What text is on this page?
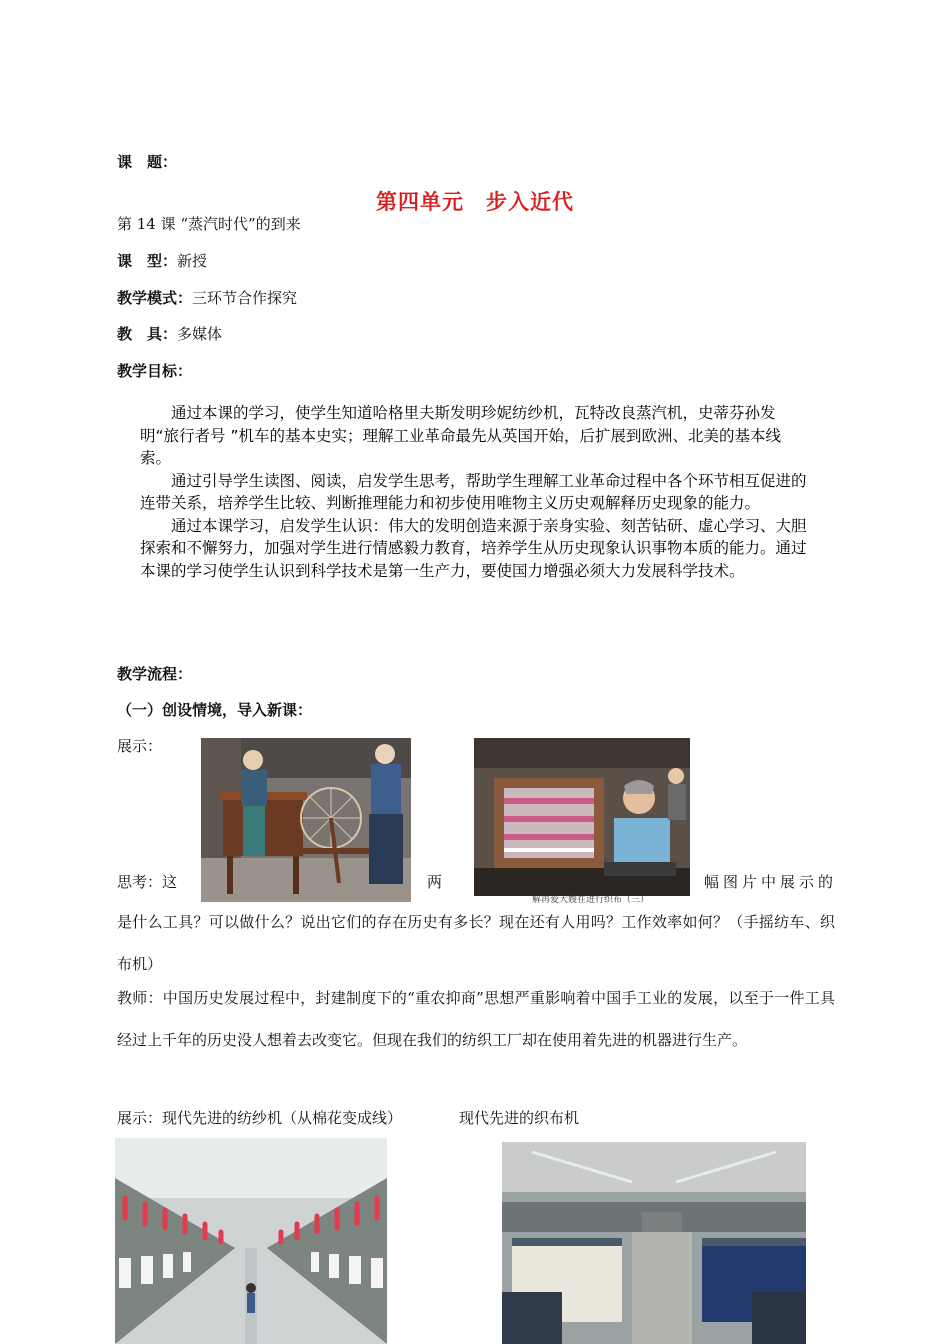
课　题：
第四单元　步入近代
第 14 课 “蒸汽时代”的到来
课　型：新授
教学模式：三环节合作探究
教　具：多媒体
教学目标：

通过本课的学习，使学生知道哈格里夫斯发明珍妮纺纱机，瓦特改良蒸汽机，史蒂芬孙发明“旅行者号 ”机车的基本史实；理解工业革命最先从英国开始，后扩展到欧洲、北美的基本线索。

通过引导学生读图、阅读，启发学生思考，帮助学生理解工业革命过程中各个环节相互促进的连带关系，培养学生比较、判断推理能力和初步使用唯物主义历史观解释历史现象的能力。

通过本课学习，启发学生认识：伟大的发明创造来源于亲身实验、刻苦钻研、虚心学习、大胆探索和不懈努力，加强对学生进行情感毅力教育，培养学生从历史现象认识事物本质的能力。通过本课的学习使学生认识到科学技术是第一生产力，要使国力增强必须大力发展科学技术。

教学流程：
（一）创设情境，导入新课：
展示：
解再爱大嫂在进行织布（三）
思考：这	两	幅图片中展示的
是什么工具？可以做什么？说出它们的存在历史有多长？现在还有人用吗？工作效率如何？（手摇纺车、织布机）
教师：中国历史发展过程中，封建制度下的“重农抑商”思想严重影响着中国手工业的发展，以至于一件工具经过上千年的历史没人想着去改变它。但现在我们的纺织工厂却在使用着先进的机器进行生产。
展示：现代先进的纺纱机（从棉花变成线）	现代先进的织布机
